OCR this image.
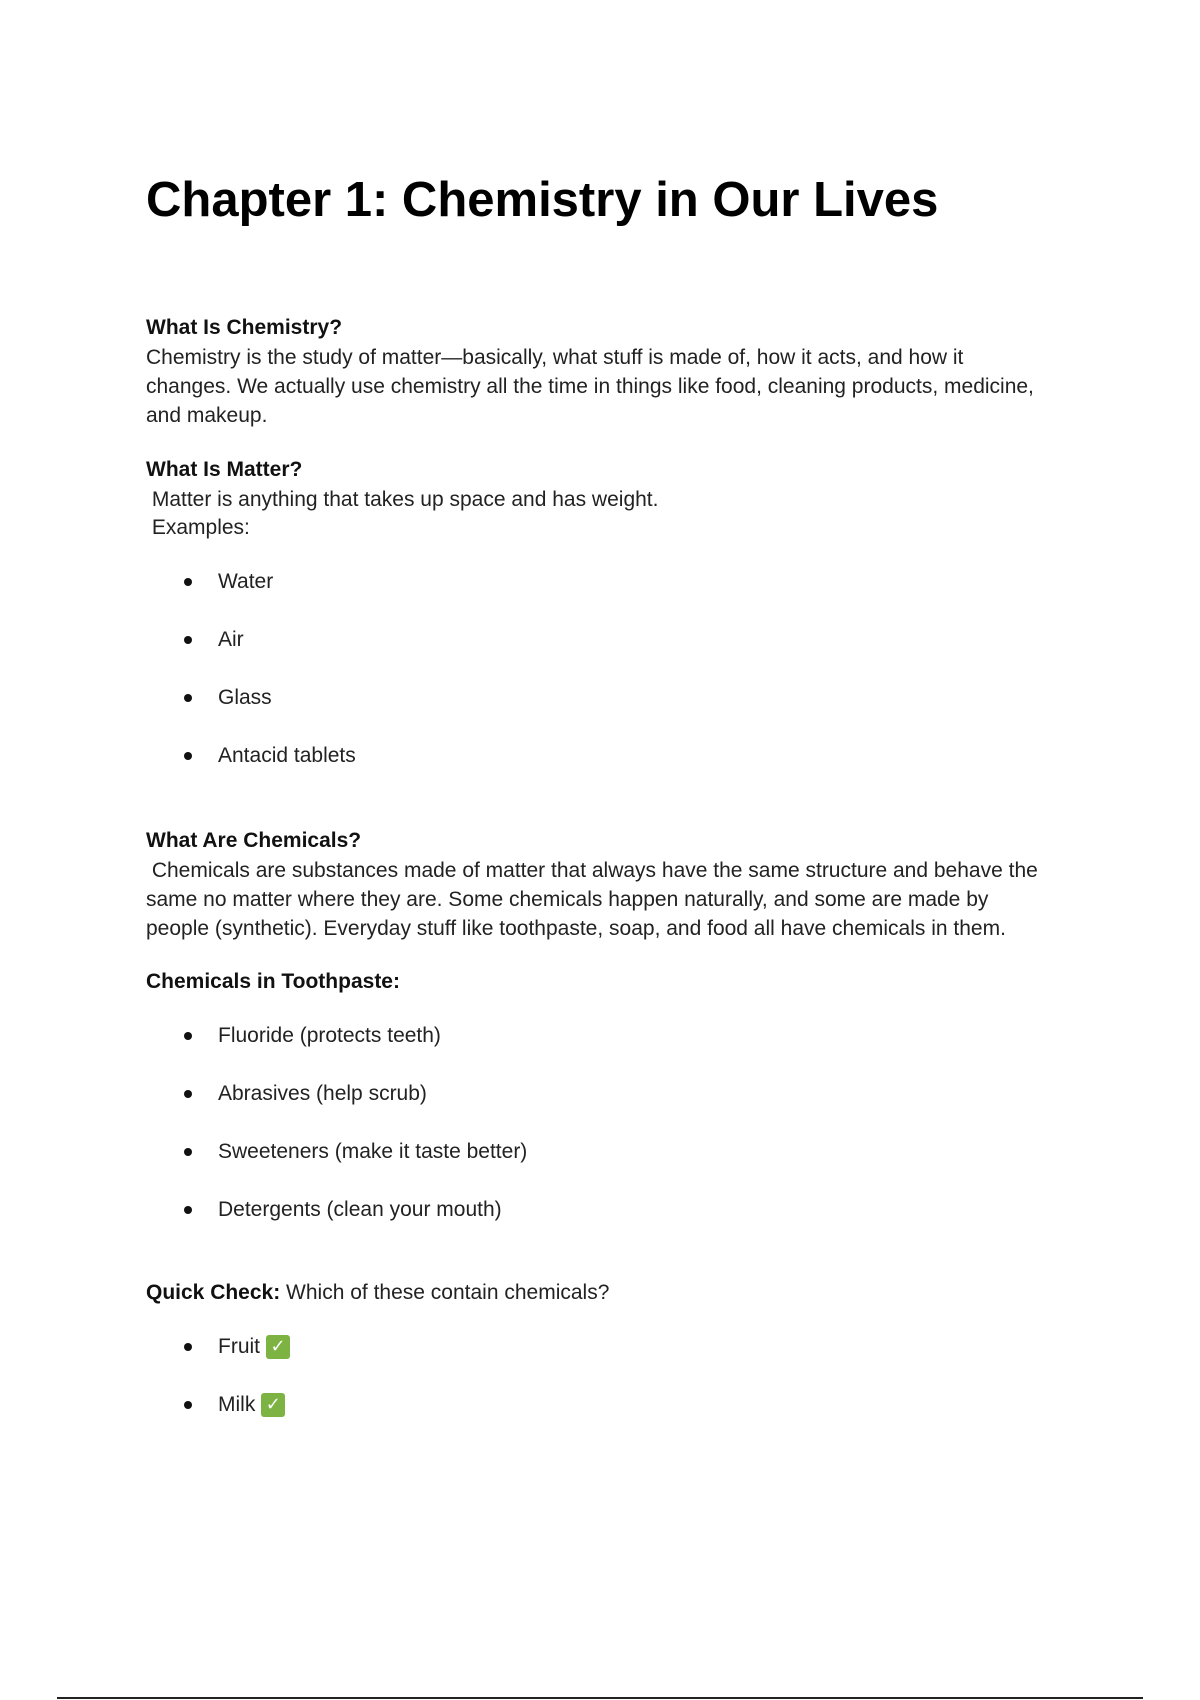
Chapter 1: Chemistry in Our Lives
What Is Chemistry?
Chemistry is the study of matter—basically, what stuff is made of, how it acts, and how it
changes. We actually use chemistry all the time in things like food, cleaning products, medicine,
and makeup.
What Is Matter?
Matter is anything that takes up space and has weight.
Examples:
Water
Air
Glass
Antacid tablets
What Are Chemicals?
Chemicals are substances made of matter that always have the same structure and behave the
same no matter where they are. Some chemicals happen naturally, and some are made by
people (synthetic). Everyday stuff like toothpaste, soap, and food all have chemicals in them.
Chemicals in Toothpaste:
Fluoride (protects teeth)
Abrasives (help scrub)
Sweeteners (make it taste better)
Detergents (clean your mouth)
Quick Check: Which of these contain chemicals?
Fruit ✓
Milk ✓
